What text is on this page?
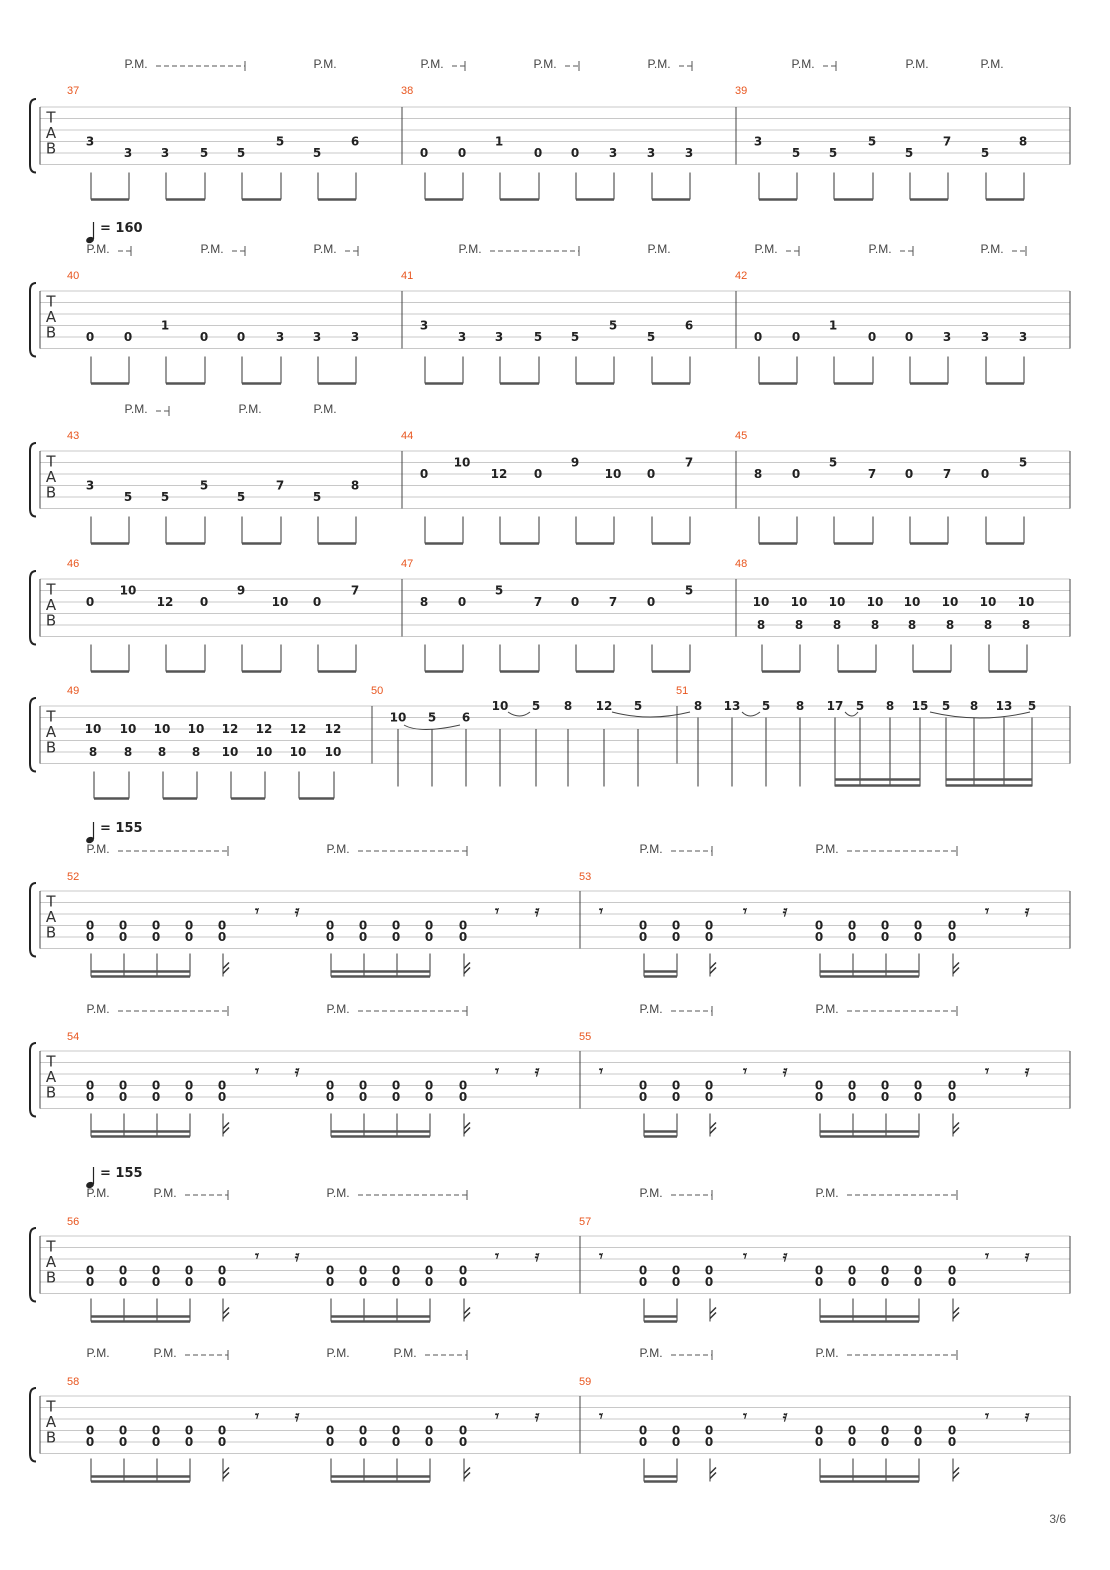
T
A
B
37	38	39
3
3 3	5 5
5
5
6
0 0
1
0 0 3 3 3
3
5 5
5
5
7
5
8
P.M.	P.M.	P.M.	P.M.	P.M.	P.M.	P.M.	P.M.
T
A
B
= 160
40	41	42
0 0
1
0 0	3 3 3
3
3 3	5 5
5
5
6
0 0
1
0 0 3 3 3
P.M.	P.M.	P.M.	P.M.	P.M.	P.M.	P.M.	P.M.
T
A
B
43	44	45
3
5 5
5
5
7
5
8
0
10
12 0
9
10 0
7
8 0
5
7 0 7 0
5
P.M.	P.M.	P.M.
T
A
B
46	47	48
0
10
12 0
9
10 0
7
8 0
5
7 0 7 0
5
10
8
10
8
10
8
10
8
10
8
10
8
10
8
10
8
T
A
B
49	50	51
10
8
10
8
10
8
10
8
12
10
12
10
12
10
12
10
10 5 6
10 5 8 12 5	8 13 5 8 17 5 8 15 5 8 13 5
T
A
B
= 155
52	53
P.M.	P.M.	P.M.	P.M.
0
0
0
0
0
0
0
0
0
0
𝄾 𝄿
0
0
0
0
0
0
0
0
0
0
𝄾 𝄿
0
0
0
0
0
0
𝄾 𝄿
𝄾
0
0
0
0
0
0
0
0
0
0
𝄾 𝄿
T
A
B
54	55
P.M.	P.M.	P.M.	P.M.
0
0
0
0
0
0
0
0
0
0
𝄾 𝄿
0
0
0
0
0
0
0
0
0
0
𝄾 𝄿
0
0
0
0
0
0
𝄾 𝄿
𝄾
0
0
0
0
0
0
0
0
0
0
𝄾 𝄿
T
A
B
= 155
56	57
P.M.	P.M.	P.M.	P.M.	P.M.
0
0
0
0
0
0
0
0
0
0
𝄾 𝄿
0
0
0
0
0
0
0
0
0
0
𝄾 𝄿
0
0
0
0
0
0
𝄾 𝄿
𝄾
0
0
0
0
0
0
0
0
0
0
𝄾 𝄿
T
A
B
58	59
P.M.	P.M.	P.M.	P.M.	P.M.	P.M.
0
0
0
0
0
0
0
0
0
0
𝄾 𝄿
0
0
0
0
0
0
0
0
0
0
𝄾 𝄿
0
0
0
0
0
0
𝄾 𝄿
𝄾
0
0
0
0
0
0
0
0
0
0
𝄾 𝄿
3/6
